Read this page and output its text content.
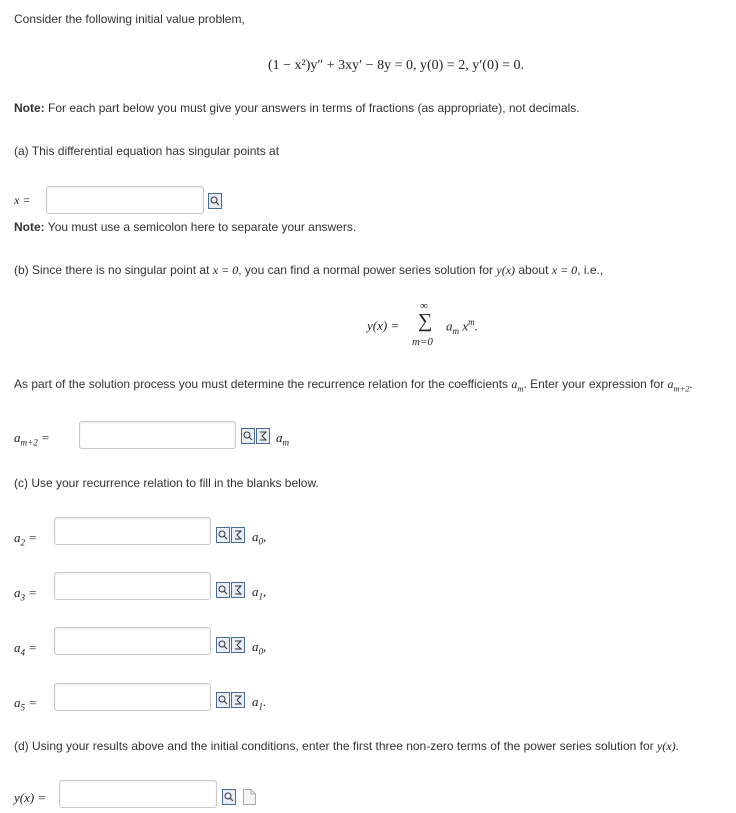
Consider the following initial value problem,
(1 − x²)y″ + 3xy′ − 8y = 0, y(0) = 2, y′(0) = 0.
Note: For each part below you must give your answers in terms of fractions (as appropriate), not decimals.
(a) This differential equation has singular points at
x =
Note: You must use a semicolon here to separate your answers.
(b) Since there is no singular point at x = 0, you can find a normal power series solution for y(x) about x = 0, i.e.,
y(x) =
∞
∑
m=0
$a_m$ $x^m$.
As part of the solution process you must determine the recurrence relation for the coefficients $a_m$. Enter your expression for $a_{m+2}$.
$a_{m+2}$ =	$a_m$
(c) Use your recurrence relation to fill in the blanks below.
$a_2$ =	$a_0$,
$a_3$ =	$a_1$,
$a_4$ =	$a_0$,
$a_5$ =	$a_1$.
(d) Using your results above and the initial conditions, enter the first three non-zero terms of the power series solution for y(x).
y(x) =
